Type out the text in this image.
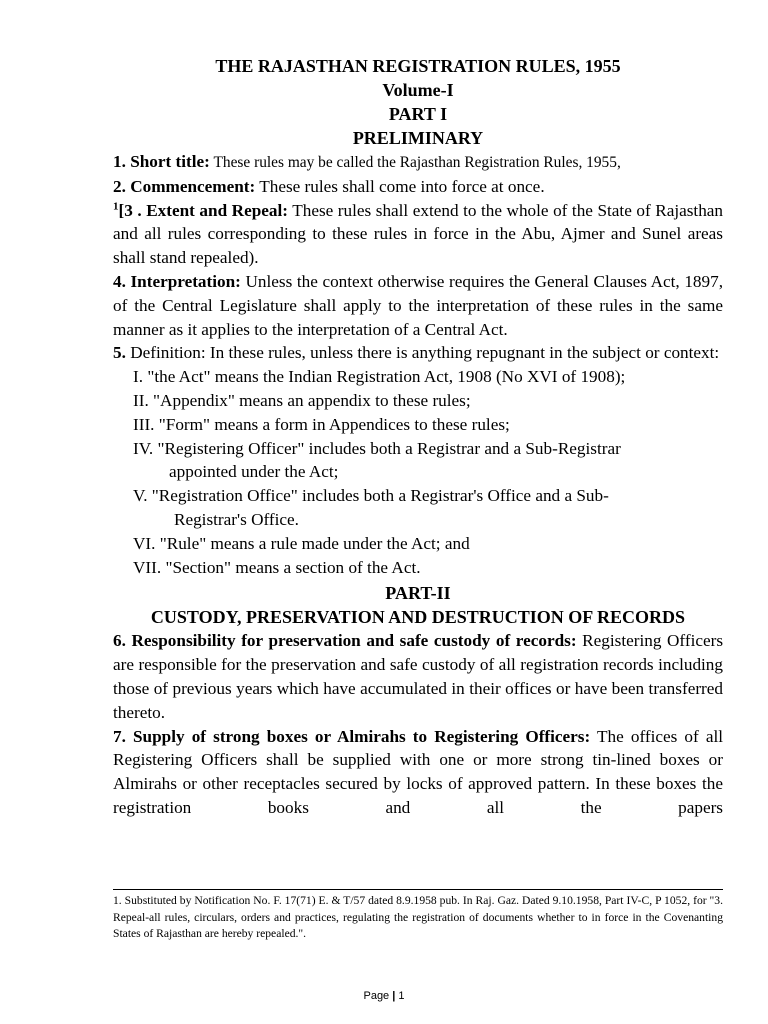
THE RAJASTHAN REGISTRATION RULES, 1955
Volume-I
PART I
PRELIMINARY

1. Short title: These rules may be called the Rajasthan Registration Rules, 1955,

2. Commencement: These rules shall come into force at once.

$^1$[3 . Extent and Repeal: These rules shall extend to the whole of the State of Rajasthan and all rules corresponding to these rules in force in the Abu, Ajmer and Sunel areas shall stand repealed).

4. Interpretation: Unless the context otherwise requires the General Clauses Act, 1897, of the Central Legislature shall apply to the interpretation of these rules in the same manner as it applies to the interpretation of a Central Act.

5. Definition: In these rules, unless there is anything repugnant in the subject or context:

I. "the Act" means the Indian Registration Act, 1908 (No XVI of 1908);
II. "Appendix" means an appendix to these rules;
III. "Form" means a form in Appendices to these rules;
IV. "Registering Officer" includes both a Registrar and a Sub-Registrar
appointed under the Act;
V. "Registration Office" includes both a Registrar's Office and a Sub-
Registrar's Office.
VI. "Rule" means a rule made under the Act; and
VII. "Section" means a section of the Act.
PART-II
CUSTODY, PRESERVATION AND DESTRUCTION OF RECORDS

6. Responsibility for preservation and safe custody of records: Registering Officers are responsible for the preservation and safe custody of all registration records including those of previous years which have accumulated in their offices or have been transferred thereto.

7. Supply of strong boxes or Almirahs to Registering Officers: The offices of all Registering Officers shall be supplied with one or more strong tin-lined boxes or Almirahs or other receptacles secured by locks of approved pattern. In these boxes the registration books and all the papers

1. Substituted by Notification No. F. 17(71) E. & T/57 dated 8.9.1958 pub. In Raj. Gaz. Dated 9.10.1958, Part IV-C, P 1052, for "3. Repeal-all rules, circulars, orders and practices, regulating the registration of documents whether to in force in the Covenanting States of Rajasthan are hereby repealed.".
Page | 1
